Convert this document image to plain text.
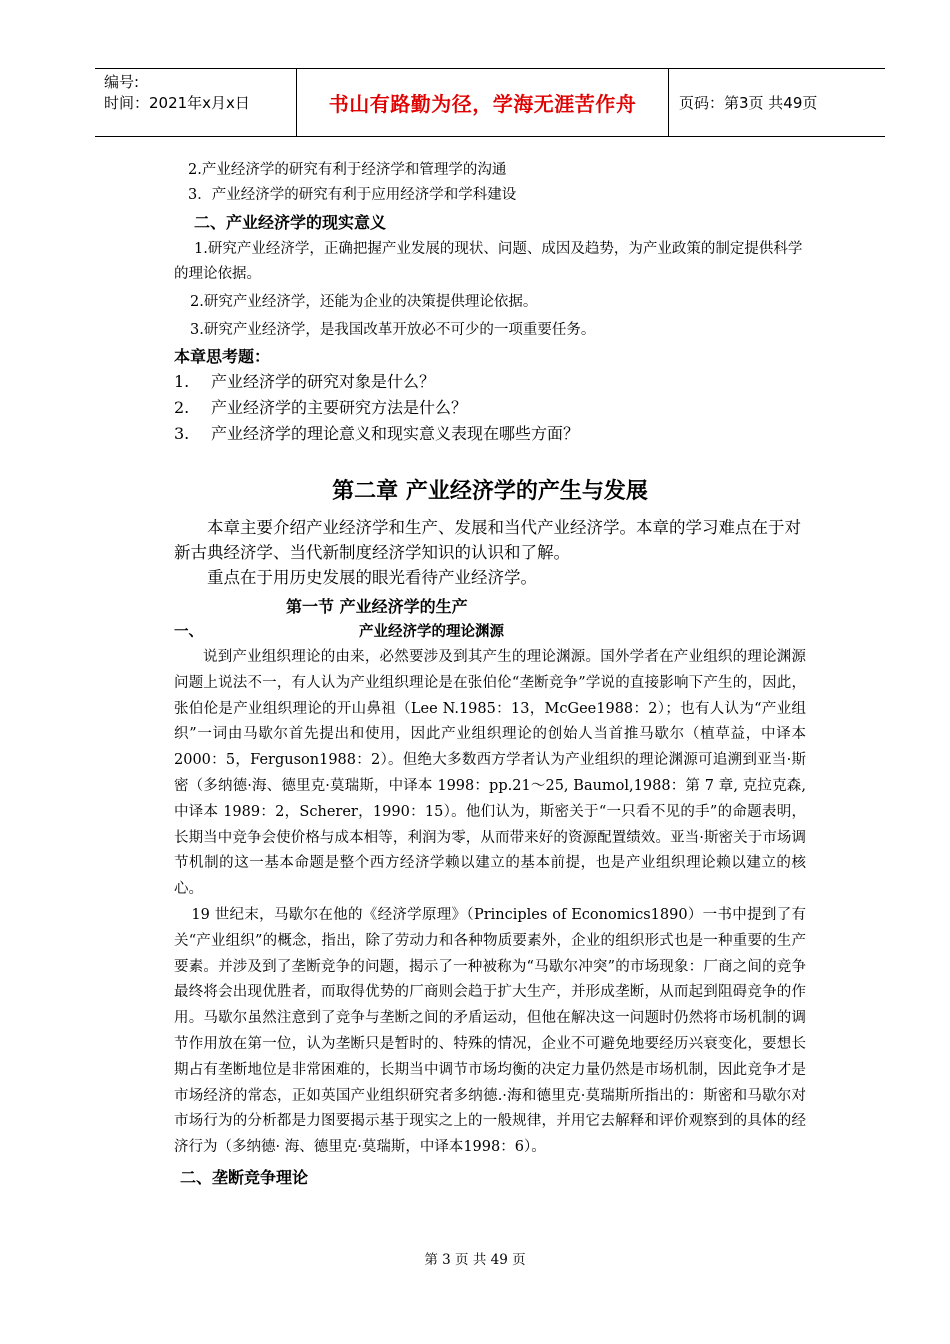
编号:
时间：2021年x月x日	书山有路勤为径，学海无涯苦作舟	页码：第3页 共49页

2.产业经济学的研究有利于经济学和管理学的沟通

3．产业经济学的研究有利于应用经济学和学科建设

二、产业经济学的现实意义

1.研究产业经济学，正确把握产业发展的现状、问题、成因及趋势，为产业政策的制定提供科学的理论依据。

2.研究产业经济学，还能为企业的决策提供理论依据。

3.研究产业经济学，是我国改革开放必不可少的一项重要任务。

本章思考题：

1.	产业经济学的研究对象是什么？
2.	产业经济学的主要研究方法是什么？
3.	产业经济学的理论意义和现实意义表现在哪些方面？

第二章 产业经济学的产生与发展

本章主要介绍产业经济学和生产、发展和当代产业经济学。本章的学习难点在于对新古典经济学、当代新制度经济学知识的认识和了解。

重点在于用历史发展的眼光看待产业经济学。

第一节 产业经济学的生产

一、	产业经济学的理论渊源

说到产业组织理论的由来，必然要涉及到其产生的理论渊源。国外学者在产业组织的理论渊源问题上说法不一，有人认为产业组织理论是在张伯伦“垄断竞争”学说的直接影响下产生的，因此，张伯伦是产业组织理论的开山鼻祖（Lee N.1985：13，McGee1988：2）；也有人认为“产业组织”一词由马歇尔首先提出和使用，因此产业组织理论的创始人当首推马歇尔（植草益，中译本 2000：5，Ferguson1988：2）。但绝大多数西方学者认为产业组织的理论渊源可追溯到亚当·斯密（多纳德·海、德里克·莫瑞斯，中译本 1998：pp.21～25, Baumol,1988：第 7 章, 克拉克森,中译本 1989：2，Scherer，1990：15）。他们认为，斯密关于“一只看不见的手”的命题表明，长期当中竞争会使价格与成本相等，利润为零，从而带来好的资源配置绩效。亚当·斯密关于市场调节机制的这一基本命题是整个西方经济学赖以建立的基本前提，也是产业组织理论赖以建立的核心。

19 世纪末，马歇尔在他的《经济学原理》（Principles of Economics1890）一书中提到了有关“产业组织”的概念，指出，除了劳动力和各种物质要素外，企业的组织形式也是一种重要的生产要素。并涉及到了垄断竞争的问题，揭示了一种被称为“马歇尔冲突”的市场现象：厂商之间的竞争最终将会出现优胜者，而取得优势的厂商则会趋于扩大生产，并形成垄断，从而起到阻碍竞争的作用。马歇尔虽然注意到了竞争与垄断之间的矛盾运动，但他在解决这一问题时仍然将市场机制的调节作用放在第一位，认为垄断只是暂时的、特殊的情况，企业不可避免地要经历兴衰变化，要想长期占有垄断地位是非常困难的，长期当中调节市场均衡的决定力量仍然是市场机制，因此竞争才是市场经济的常态，正如英国产业组织研究者多纳德.·海和德里克·莫瑞斯所指出的：斯密和马歇尔对市场行为的分析都是力图要揭示基于现实之上的一般规律，并用它去解释和评价观察到的具体的经济行为（多纳德· 海、德里克·莫瑞斯，中译本1998：6）。

二、垄断竞争理论

第 3 页 共 49 页
